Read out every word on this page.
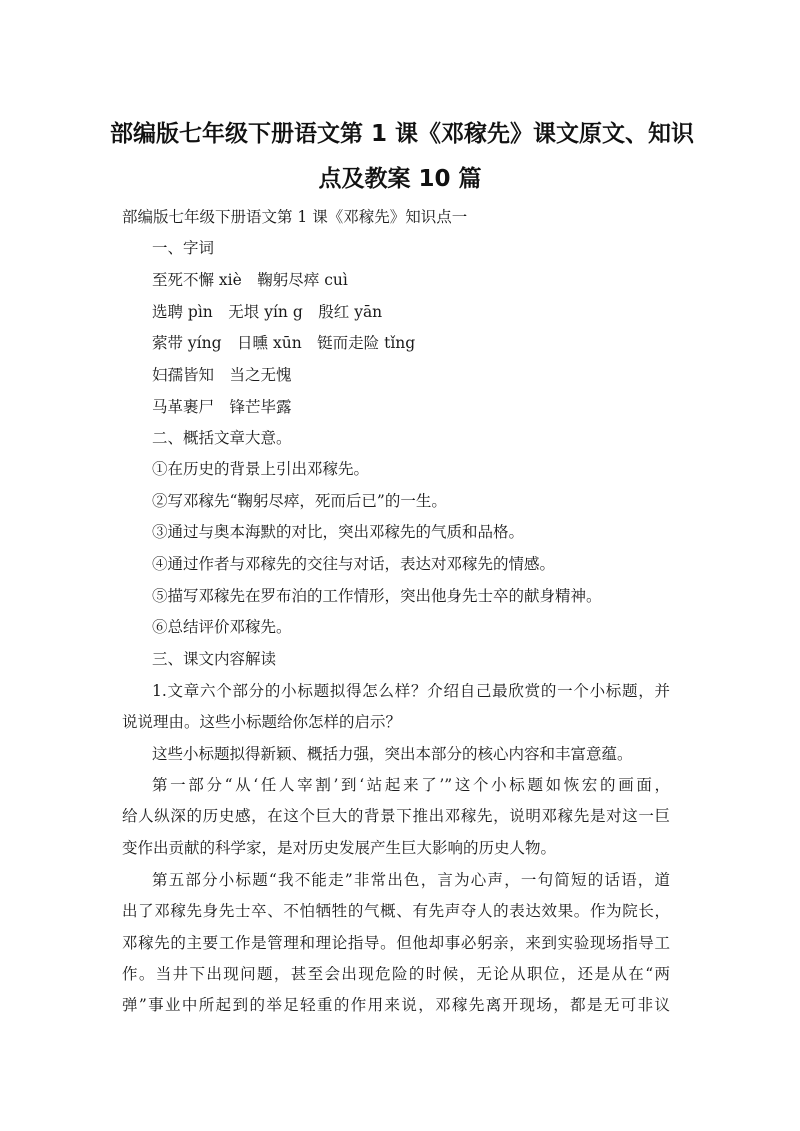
部编版七年级下册语文第 1 课《邓稼先》课文原文、知识
点及教案 10 篇
部编版七年级下册语文第 1 课《邓稼先》知识点一
一、字词
至死不懈 xiè　鞠躬尽瘁 cuì
选聘 pìn　无垠 yín g　殷红 yān
萦带 yíng　日曛 xūn　铤而走险 tǐng
妇孺皆知　当之无愧
马革裹尸　锋芒毕露
二、概括文章大意。
①在历史的背景上引出邓稼先。
②写邓稼先“鞠躬尽瘁，死而后已”的一生。
③通过与奥本海默的对比，突出邓稼先的气质和品格。
④通过作者与邓稼先的交往与对话，表达对邓稼先的情感。
⑤描写邓稼先在罗布泊的工作情形，突出他身先士卒的献身精神。
⑥总结评价邓稼先。
三、课文内容解读
1.文章六个部分的小标题拟得怎么样？介绍自己最欣赏的一个小标题，并
说说理由。这些小标题给你怎样的启示？
这些小标题拟得新颖、概括力强，突出本部分的核心内容和丰富意蕴。
第一部分“从‘任人宰割’到‘站起来了’”这个小标题如恢宏的画面，
给人纵深的历史感，在这个巨大的背景下推出邓稼先，说明邓稼先是对这一巨
变作出贡献的科学家，是对历史发展产生巨大影响的历史人物。
第五部分小标题“我不能走”非常出色，言为心声，一句简短的话语，道
出了邓稼先身先士卒、不怕牺牲的气概、有先声夺人的表达效果。作为院长，
邓稼先的主要工作是管理和理论指导。但他却事必躬亲，来到实验现场指导工
作。当井下出现问题，甚至会出现危险的时候，无论从职位，还是从在“两
弹”事业中所起到的举足轻重的作用来说，邓稼先离开现场，都是无可非议
